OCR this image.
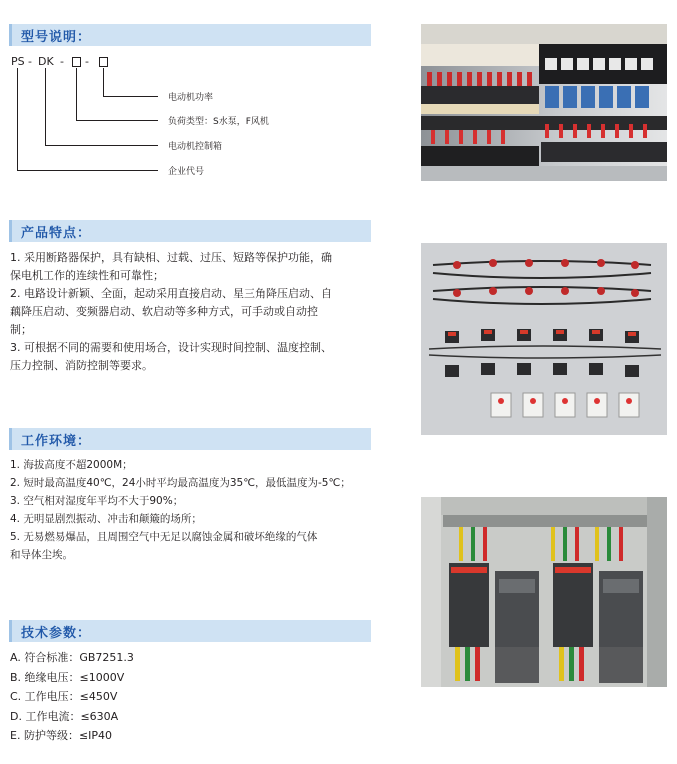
型号说明：
PS - DK - -
电动机功率
负荷类型：S水泵，F风机
电动机控制箱
企业代号
产品特点：
1. 采用断路器保护，具有缺相、过载、过压、短路等保护功能，确
保电机工作的连续性和可靠性；
2. 电路设计新颖、全面，起动采用直接启动、星三角降压启动、自
藕降压启动、变频器启动、软启动等多种方式，可手动或自动控
制；
3. 可根据不同的需要和使用场合，设计实现时间控制、温度控制、
压力控制、消防控制等要求。
工作环境：
1. 海拔高度不超2000M；
2. 短时最高温度40℃，24小时平均最高温度为35℃，最低温度为-5℃；
3. 空气相对湿度年平均不大于90%；
4. 无明显剧烈振动、冲击和颠簸的场所；
5. 无易燃易爆品，且周围空气中无足以腐蚀金属和破坏绝缘的气体
和导体尘埃。
技术参数：
A. 符合标准：GB7251.3
B. 绝缘电压：≤1000V
C. 工作电压：≤450V
D. 工作电流：≤630A
E. 防护等级：≤IP40
